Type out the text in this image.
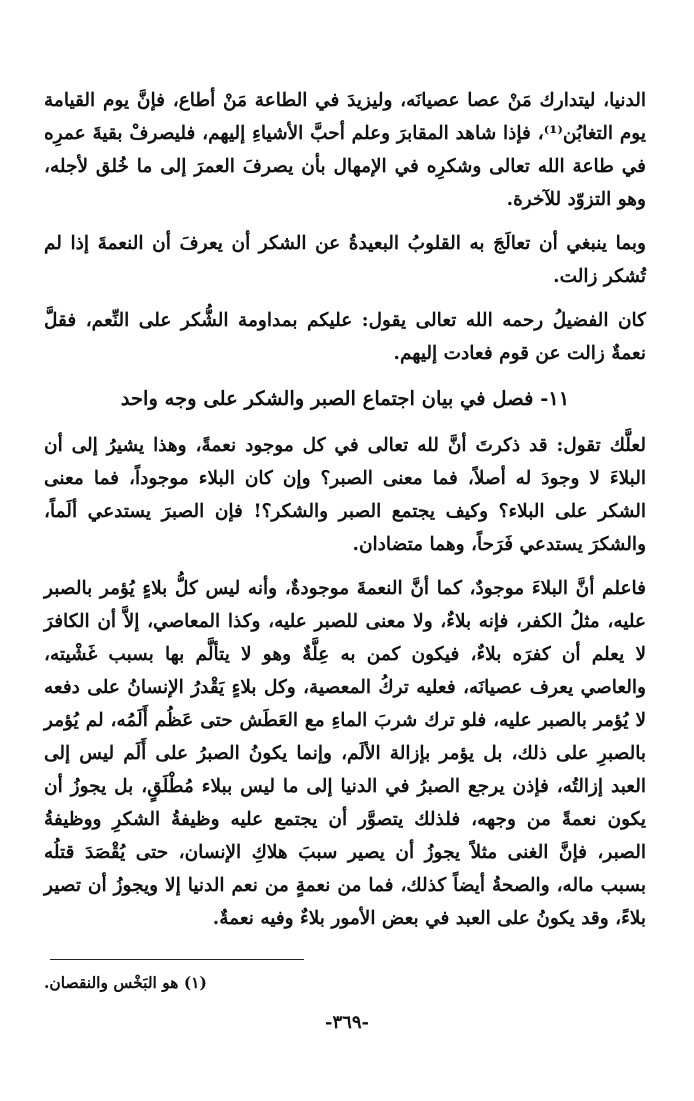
الدنيا، ليتدارك مَنْ عصا عصيانَه، وليزيدَ في الطاعة مَنْ أطاع، فإنَّ يوم القيامة يوم التغابُن⁽¹⁾، فإذا شاهد المقابرَ وعلم أحبَّ الأشياءِ إليهم، فليصرفْ بقيةَ عمرِه في طاعة الله تعالى وشكرِه في الإمهال بأن يصرفَ العمرَ إلى ما خُلق لأجله، وهو التزوّد للآخرة.

وبما ينبغي أن تعالَجَ به القلوبُ البعيدةُ عن الشكر أن يعرفَ أن النعمةَ إذا لم تُشكر زالت.

كان الفضيلُ رحمه الله تعالى يقول: عليكم بمداومة الشُّكر على النِّعم، فقلَّ نعمةٌ زالت عن قوم فعادت إليهم.

١١- فصل في بيان اجتماع الصبر والشكر على وجه واحد

لعلَّك تقول: قد ذكرتَ أنَّ لله تعالى في كل موجود نعمةً، وهذا يشيرُ إلى أن البلاءَ لا وجودَ له أصلاً، فما معنى الصبر؟ وإن كان البلاء موجوداً، فما معنى الشكر على البلاء؟ وكيف يجتمع الصبر والشكر؟! فإن الصبرَ يستدعي ألَماً، والشكرَ يستدعي فَرَحاً، وهما متضادان.

فاعلم أنَّ البلاءَ موجودٌ، كما أنَّ النعمةَ موجودةٌ، وأنه ليس كلُّ بلاءٍ يُؤمر بالصبر عليه، مثلُ الكفر، فإنه بلاءٌ، ولا معنى للصبر عليه، وكذا المعاصي، إلاَّ أن الكافرَ لا يعلم أن كفرَه بلاءٌ، فيكون كمن به عِلَّةٌ وهو لا يتألَّم بها بسبب غَشْيته، والعاصي يعرف عصيانَه، فعليه تركُ المعصية، وكل بلاءٍ يَقْدرُ الإنسانُ على دفعه لا يُؤمر بالصبر عليه، فلو ترك شربَ الماءِ مع العَطَش حتى عَظُم أَلَمُه، لم يُؤمر بالصبرِ على ذلك، بل يؤمر بإزالة الألَم، وإنما يكونُ الصبرُ على أَلَم ليس إلى العبد إزالتُه، فإذن يرجع الصبرُ في الدنيا إلى ما ليس ببلاء مُطْلَقٍ، بل يجوزُ أن يكون نعمةً من وجهه، فلذلك يتصوَّر أن يجتمع عليه وظيفةُ الشكرِ ووظيفةُ الصبر، فإنَّ الغنى مثلاً يجوزُ أن يصير سببَ هلاكِ الإنسان، حتى يُقْصَدَ قتلُه بسبب ماله، والصحةُ أيضاً كذلك، فما من نعمةٍ من نعم الدنيا إلا ويجوزُ أن تصير بلاءً، وقد يكونُ على العبد في بعض الأمور بلاءٌ وفيه نعمةٌ.

(١) هو البَخْس والنقصان.
-٣٦٩-
